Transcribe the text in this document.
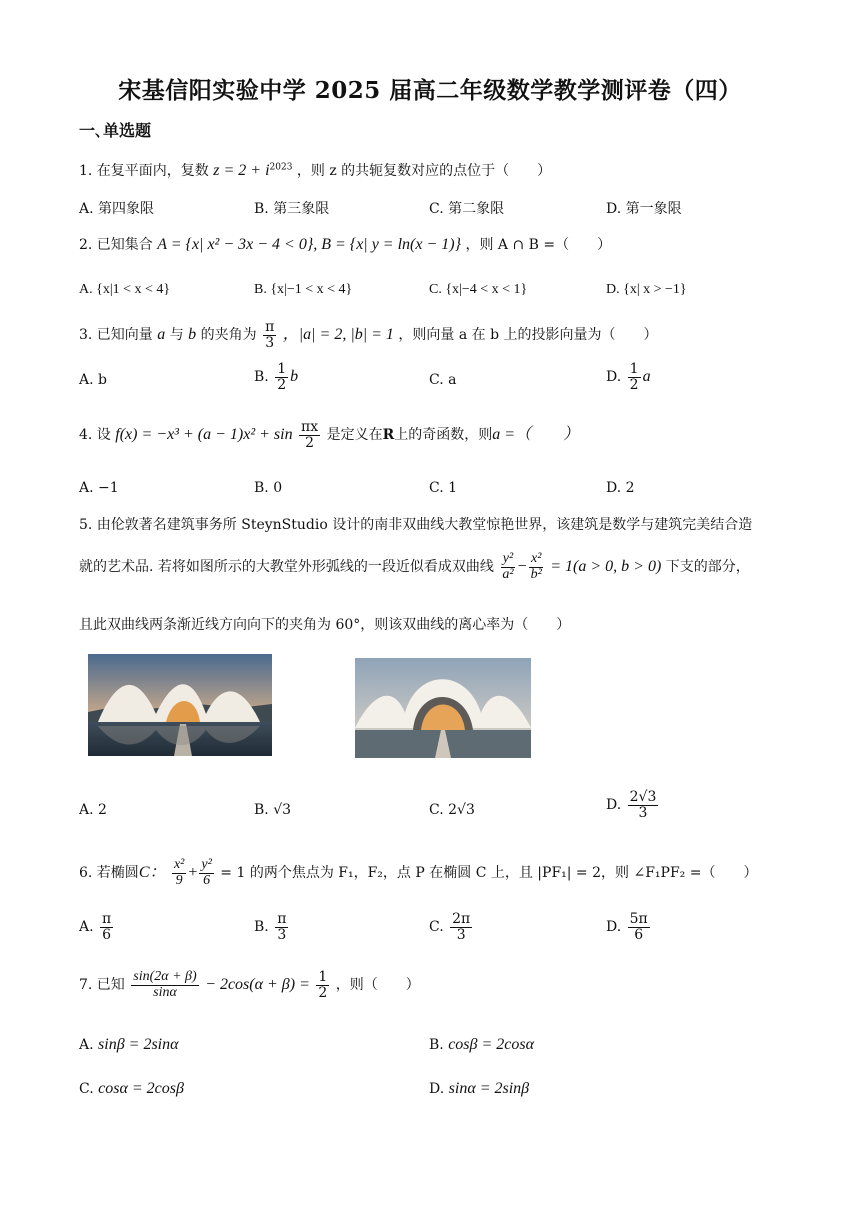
宋基信阳实验中学 2025 届高二年级数学教学测评卷（四）
一､单选题
1. 在复平面内，复数 $z = 2 + i^{2023}$ ，则 z 的共轭复数对应的点位于（　　）
A. 第四象限	B. 第三象限	C. 第二象限	D. 第一象限
2. 已知集合 A = {x| x² − 3x − 4 < 0}, B = {x| y = ln(x − 1)} ，则 A ∩ B =（　　）
A. {x|1 < x < 4}	B. {x|−1 < x < 4}	C. {x|−4 < x < 1}	D. {x| x > −1}
3. 已知向量 a 与 b 的夹角为 $\frac{\pi}{3}$ ，|a| = 2, |b| = 1 ，则向量 a 在 b 上的投影向量为（　　）
A. b	B. $\frac{1}{2}$ b	C. a	D. $\frac{1}{2}$ a
4. 设 $f(x) = -x^3 + (a - 1)x^2 + \sin \frac{\pi x}{2}$ 是定义在R上的奇函数，则a =（　　）
A. −1	B. 0	C. 1	D. 2
5. 由伦敦著名建筑事务所 SteynStudio 设计的南非双曲线大教堂惊艳世界，该建筑是数学与建筑完美结合造
就的艺术品. 若将如图所示的大教堂外形弧线的一段近似看成双曲线 $\frac{\text{y²}}{\text{a²}} - \frac{\text{x²}}{\text{b²}} = 1(a > 0$, b > 0) 下支的部分，
且此双曲线两条渐近线方向向下的夹角为 60°，则该双曲线的离心率为（　　）
A. 2	B. √3	C. 2√3	D. $\frac{2√3}{3}$
6. 若椭圆C： $\frac{\text{x²}}{9} + \frac{\text{y²}}{6} = 1$ 的两个焦点为 F₁，F₂，点 P 在椭圆 C 上，且 |PF₁| = 2，则 ∠F₁PF₂ =（　　）
A. $\frac{\pi}{6}$	B. $\frac{\pi}{3}$	C. $\frac{2\pi}{3}$	D. $\frac{5\pi}{6}$
7. 已知 $\frac{\sin(2\alpha + \beta)}{\sin\alpha} - 2\cos(\alpha + \beta) = \frac{1}{2}$ ，则（　　）
A. sinβ = 2sinα	B. cosβ = 2cosα
C. cosα = 2cosβ	D. sinα = 2sinβ
